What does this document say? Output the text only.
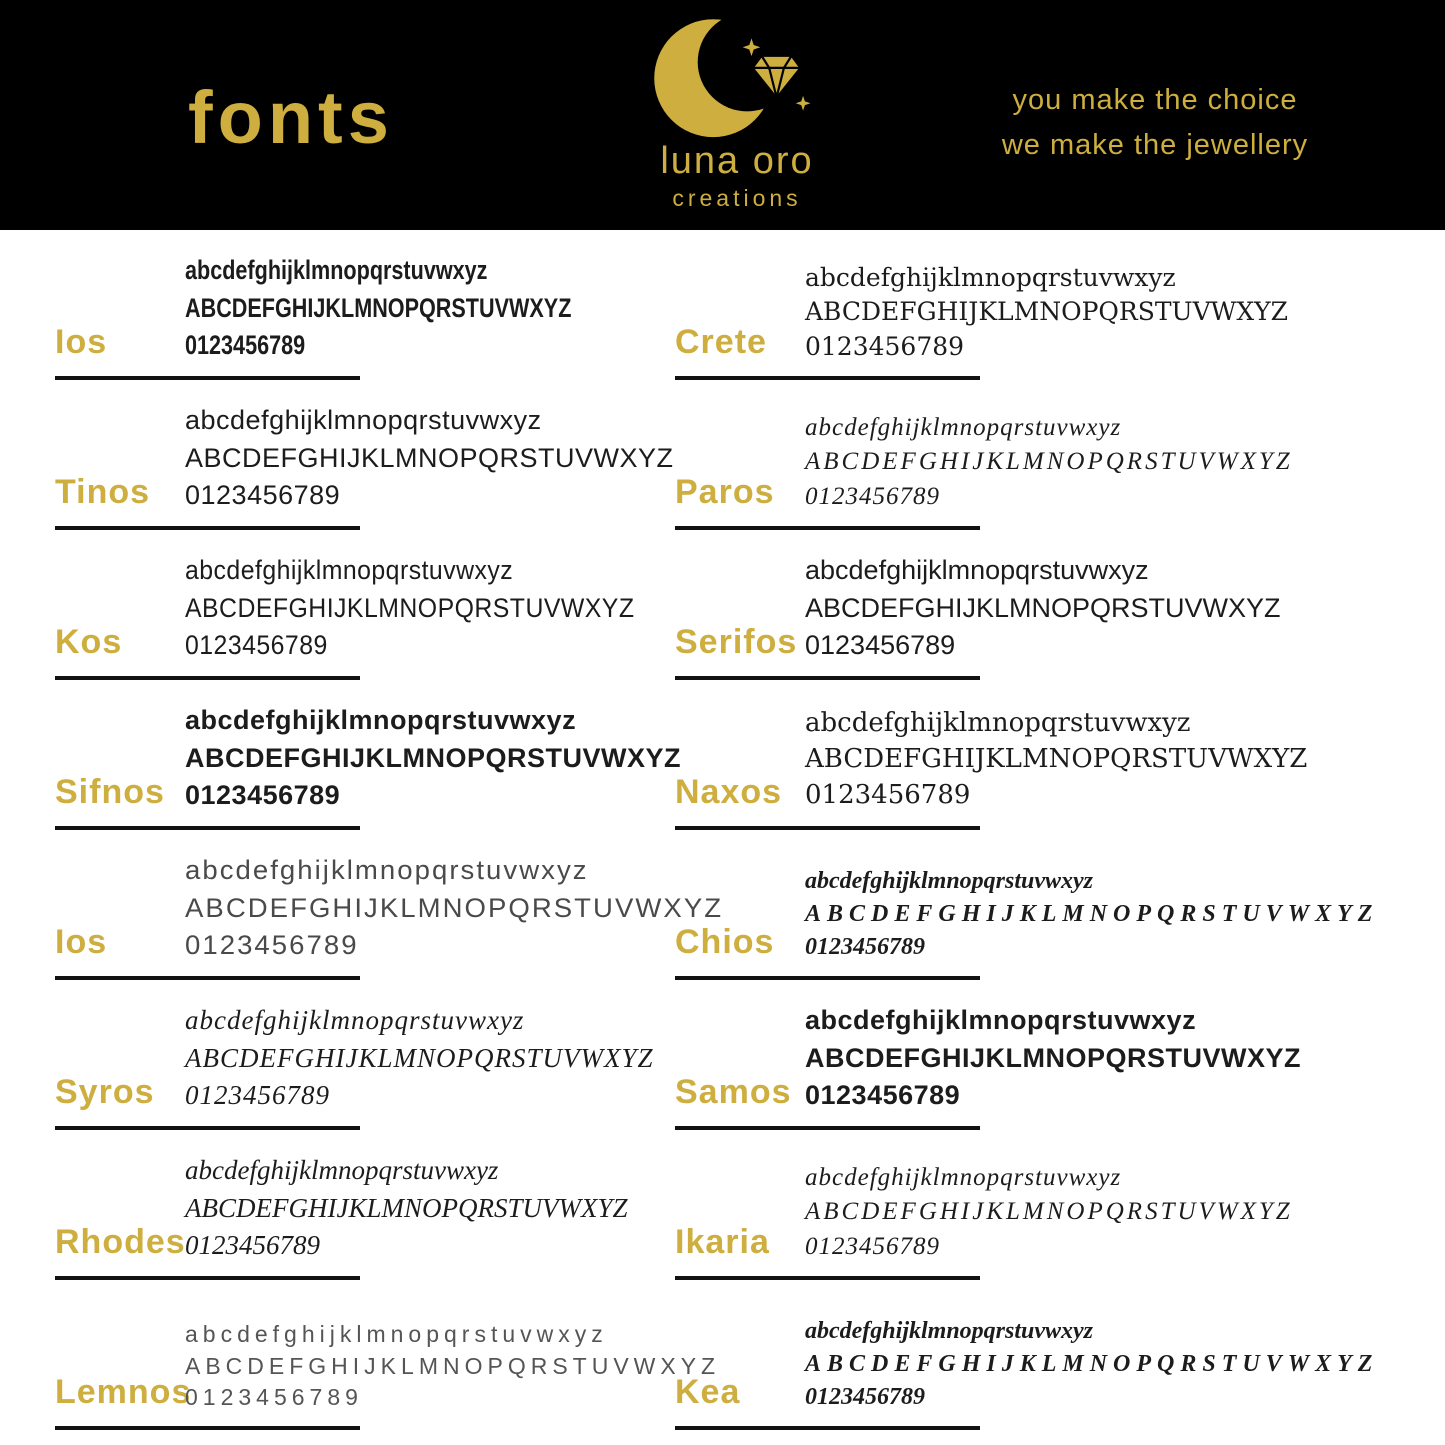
fonts
luna oro
creations
you make the choice
we make the jewellery
Ios
abcdefghijklmnopqrstuvwxyz
ABCDEFGHIJKLMNOPQRSTUVWXYZ
0123456789
Tinos
abcdefghijklmnopqrstuvwxyz
ABCDEFGHIJKLMNOPQRSTUVWXYZ
0123456789
Kos
abcdefghijklmnopqrstuvwxyz
ABCDEFGHIJKLMNOPQRSTUVWXYZ
0123456789
Sifnos
abcdefghijklmnopqrstuvwxyz
ABCDEFGHIJKLMNOPQRSTUVWXYZ
0123456789
Ios
abcdefghijklmnopqrstuvwxyz
ABCDEFGHIJKLMNOPQRSTUVWXYZ
0123456789
Syros
abcdefghijklmnopqrstuvwxyz
ABCDEFGHIJKLMNOPQRSTUVWXYZ
0123456789
Rhodes
abcdefghijklmnopqrstuvwxyz
ABCDEFGHIJKLMNOPQRSTUVWXYZ
0123456789
Lemnos
abcdefghijklmnopqrstuvwxyz
ABCDEFGHIJKLMNOPQRSTUVWXYZ
0123456789
Crete
abcdefghijklmnopqrstuvwxyz
ABCDEFGHIJKLMNOPQRSTUVWXYZ
0123456789
Paros
abcdefghijklmnopqrstuvwxyz
ABCDEFGHIJKLMNOPQRSTUVWXYZ
0123456789
Serifos
abcdefghijklmnopqrstuvwxyz
ABCDEFGHIJKLMNOPQRSTUVWXYZ
0123456789
Naxos
abcdefghijklmnopqrstuvwxyz
ABCDEFGHIJKLMNOPQRSTUVWXYZ
0123456789
Chios
abcdefghijklmnopqrstuvwxyz
ABCDEFGHIJKLMNOPQRSTUVWXYZ
0123456789
Samos
abcdefghijklmnopqrstuvwxyz
ABCDEFGHIJKLMNOPQRSTUVWXYZ
0123456789
Ikaria
abcdefghijklmnopqrstuvwxyz
ABCDEFGHIJKLMNOPQRSTUVWXYZ
0123456789
Kea
abcdefghijklmnopqrstuvwxyz
ABCDEFGHIJKLMNOPQRSTUVWXYZ
0123456789
